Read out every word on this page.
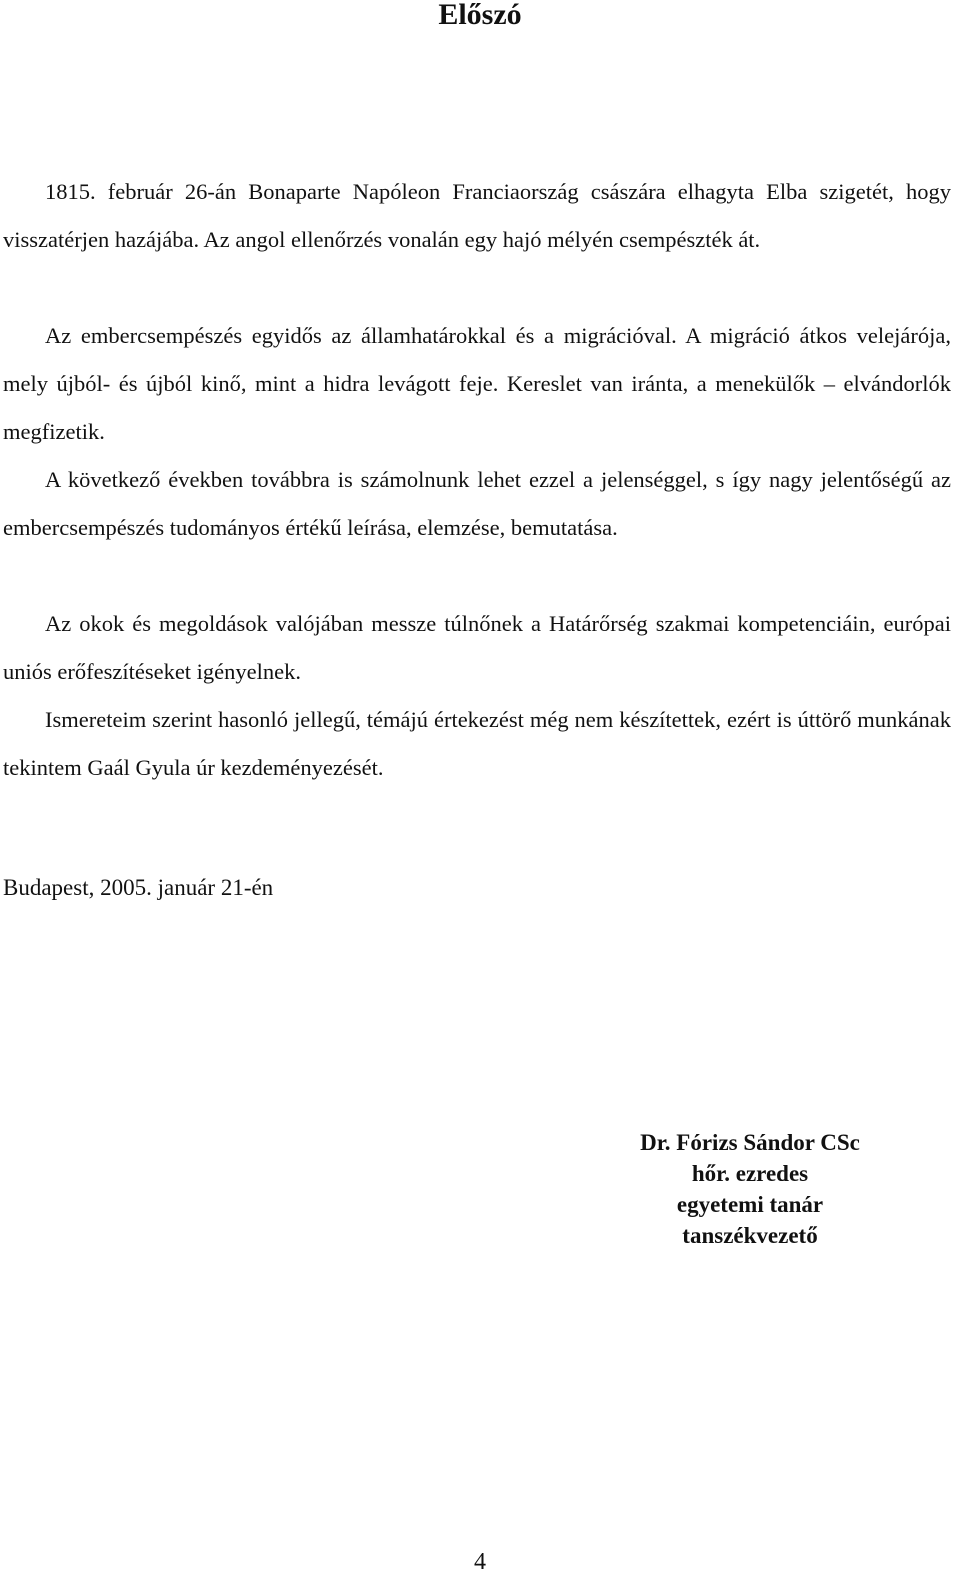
Előszó

1815. február 26-án Bonaparte Napóleon Franciaország császára elhagyta Elba szigetét, hogy visszatérjen hazájába. Az angol ellenőrzés vonalán egy hajó mélyén csempészték át.

Az embercsempészés egyidős az államhatárokkal és a migrációval. A migráció átkos velejárója, mely újból- és újból kinő, mint a hidra levágott feje. Kereslet van iránta, a menekülők – elvándorlók megfizetik.

A következő években továbbra is számolnunk lehet ezzel a jelenséggel, s így nagy jelentőségű az embercsempészés tudományos értékű leírása, elemzése, bemutatása.

Az okok és megoldások valójában messze túlnőnek a Határőrség szakmai kompetenciáin, európai uniós erőfeszítéseket igényelnek.

Ismereteim szerint hasonló jellegű, témájú értekezést még nem készítettek, ezért is úttörő munkának tekintem Gaál Gyula úr kezdeményezését.

Budapest, 2005. január 21-én
Dr. Fórizs Sándor CSc
hőr. ezredes
egyetemi tanár
tanszékvezető
4
